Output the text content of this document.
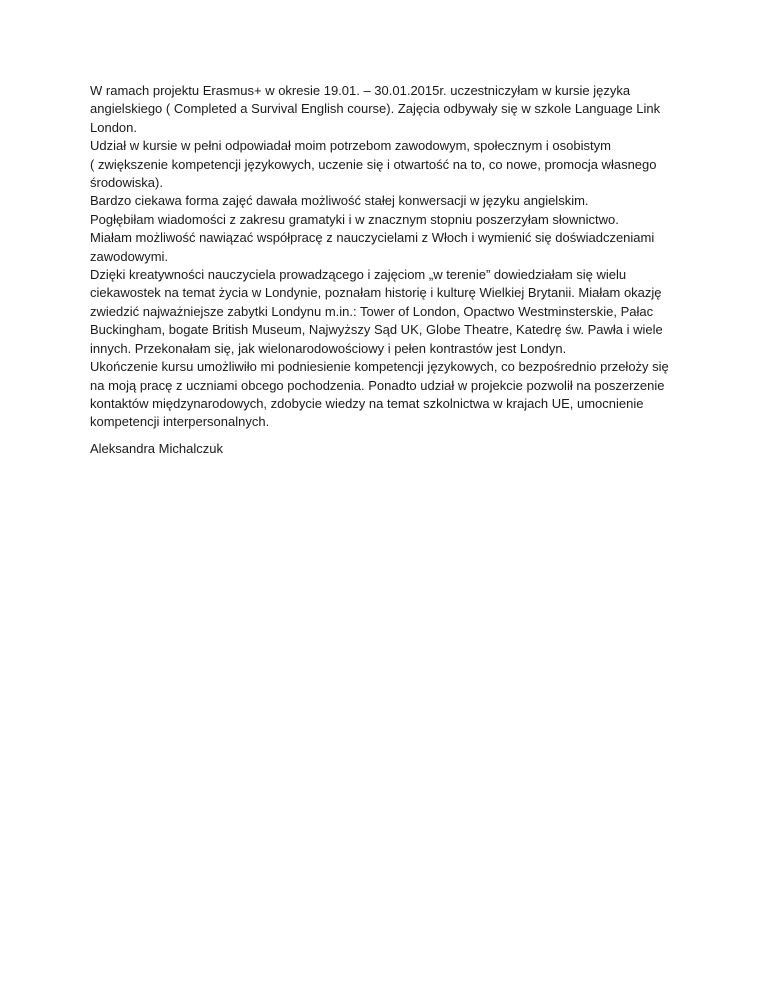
W ramach projektu Erasmus+ w okresie 19.01. – 30.01.2015r. uczestniczyłam w kursie języka
angielskiego ( Completed a Survival English course). Zajęcia odbywały się w szkole Language Link
London.
Udział w kursie w pełni odpowiadał moim potrzebom zawodowym, społecznym i osobistym
( zwiększenie kompetencji językowych, uczenie się i otwartość na to, co nowe, promocja własnego
środowiska).
Bardzo ciekawa forma zajęć dawała możliwość stałej konwersacji w języku angielskim.
Pogłębiłam wiadomości z zakresu gramatyki i w znacznym stopniu poszerzyłam słownictwo.
Miałam możliwość nawiązać współpracę z nauczycielami z Włoch i wymienić się doświadczeniami
zawodowymi.
Dzięki kreatywności nauczyciela prowadzącego i zajęciom „w terenie” dowiedziałam się wielu
ciekawostek na temat życia w Londynie, poznałam historię i kulturę Wielkiej Brytanii. Miałam okazję
zwiedzić najważniejsze zabytki Londynu m.in.: Tower of London, Opactwo Westminsterskie, Pałac
Buckingham, bogate British Museum, Najwyższy Sąd UK, Globe Theatre, Katedrę św. Pawła i wiele
innych. Przekonałam się, jak wielonarodowościowy i pełen kontrastów jest Londyn.
Ukończenie kursu umożliwiło mi podniesienie kompetencji językowych, co bezpośrednio przełoży się
na moją pracę z uczniami obcego pochodzenia. Ponadto udział w projekcie pozwolił na poszerzenie
kontaktów międzynarodowych, zdobycie wiedzy na temat szkolnictwa w krajach UE, umocnienie
kompetencji interpersonalnych.

Aleksandra Michalczuk
